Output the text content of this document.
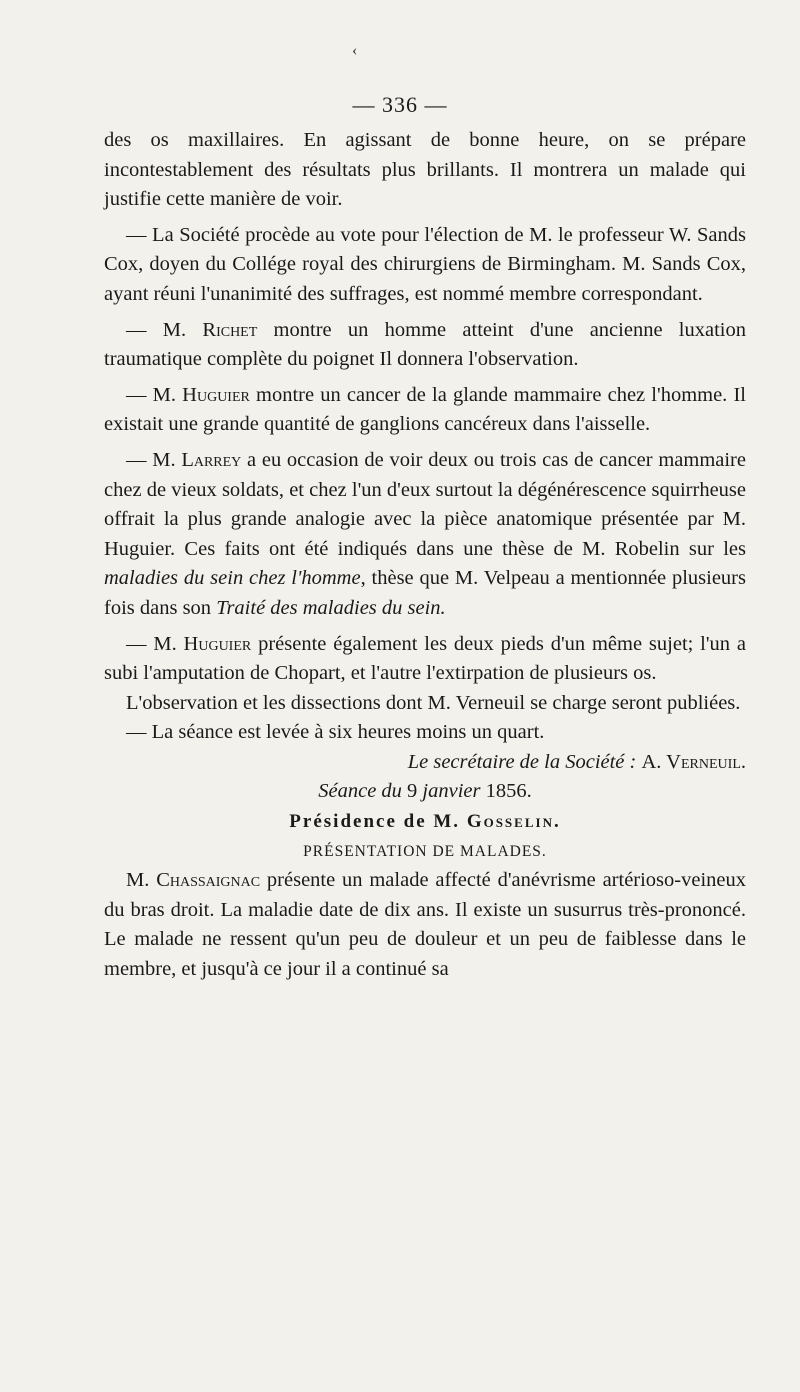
‹
— 336 —

des os maxillaires. En agissant de bonne heure, on se prépare incontestablement des résultats plus brillants. Il montrera un malade qui justifie cette manière de voir.

— La Société procède au vote pour l'élection de M. le professeur W. Sands Cox, doyen du Collége royal des chirurgiens de Birmingham. M. Sands Cox, ayant réuni l'unanimité des suffrages, est nommé membre correspondant.

— M. Richet montre un homme atteint d'une ancienne luxation traumatique complète du poignet Il donnera l'observation.

— M. Huguier montre un cancer de la glande mammaire chez l'homme. Il existait une grande quantité de ganglions cancéreux dans l'aisselle.

— M. Larrey a eu occasion de voir deux ou trois cas de cancer mammaire chez de vieux soldats, et chez l'un d'eux surtout la dégénérescence squirrheuse offrait la plus grande analogie avec la pièce anatomique présentée par M. Huguier. Ces faits ont été indiqués dans une thèse de M. Robelin sur les maladies du sein chez l'homme, thèse que M. Velpeau a mentionnée plusieurs fois dans son Traité des maladies du sein.

— M. Huguier présente également les deux pieds d'un même sujet; l'un a subi l'amputation de Chopart, et l'autre l'extirpation de plusieurs os.

L'observation et les dissections dont M. Verneuil se charge seront publiées.

— La séance est levée à six heures moins un quart.

Le secrétaire de la Société : A. Verneuil.

Séance du 9 janvier 1856.

Présidence de M. Gosselin.

PRÉSENTATION DE MALADES.

M. Chassaignac présente un malade affecté d'anévrisme artérioso-veineux du bras droit. La maladie date de dix ans. Il existe un susurrus très-prononcé. Le malade ne ressent qu'un peu de douleur et un peu de faiblesse dans le membre, et jusqu'à ce jour il a continué sa
